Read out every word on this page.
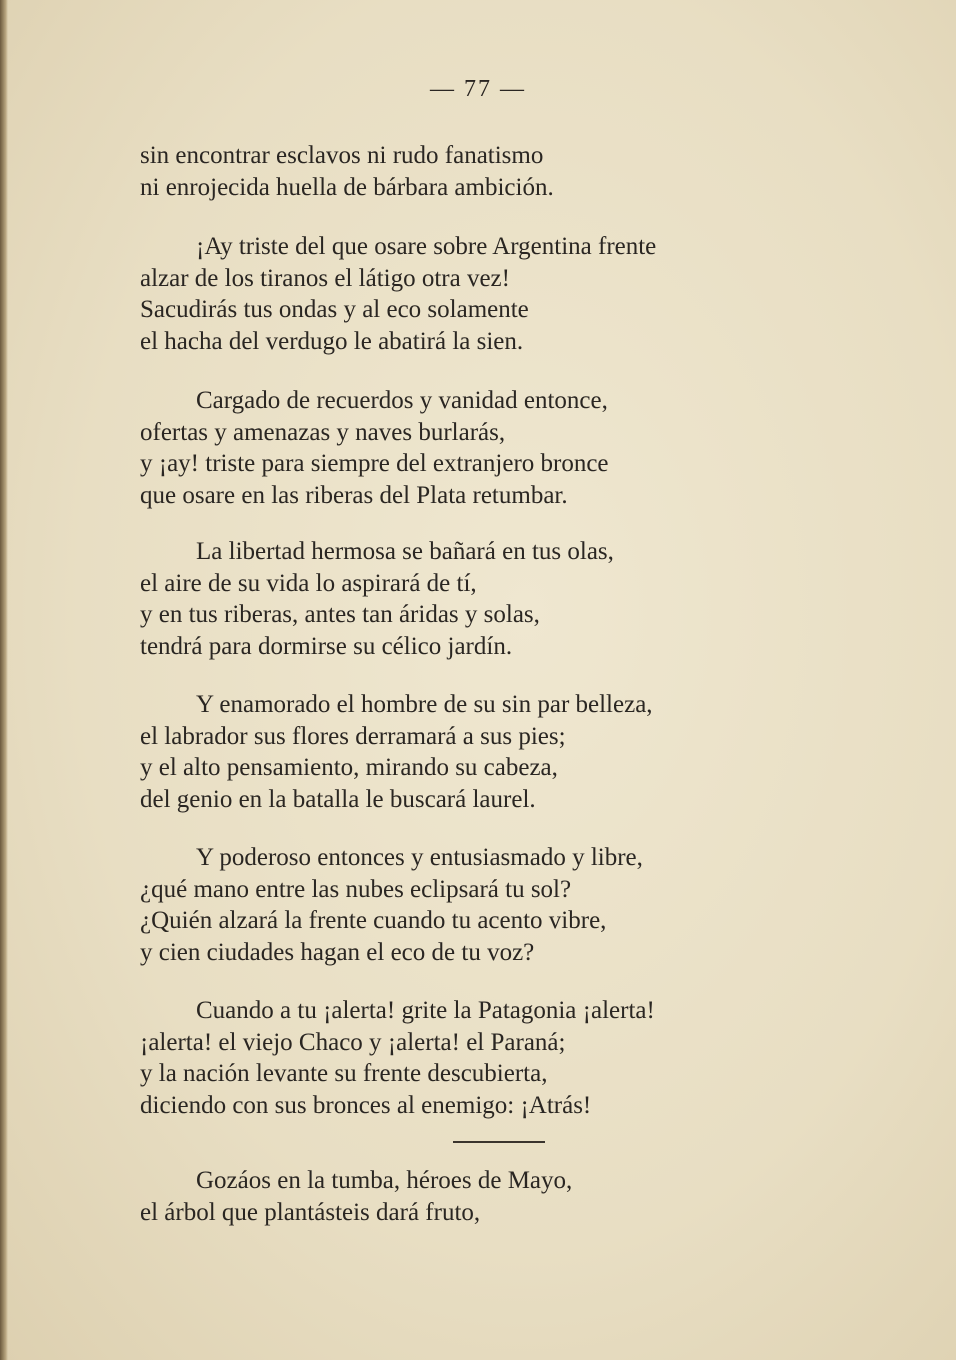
— 77 —

sin encontrar esclavos ni rudo fanatismo
ni enrojecida huella de bárbara ambición.

¡Ay triste del que osare sobre Argentina frente
alzar de los tiranos el látigo otra vez!
Sacudirás tus ondas y al eco solamente
el hacha del verdugo le abatirá la sien.

Cargado de recuerdos y vanidad entonce,
ofertas y amenazas y naves burlarás,
y ¡ay! triste para siempre del extranjero bronce
que osare en las riberas del Plata retumbar.

La libertad hermosa se bañará en tus olas,
el aire de su vida lo aspirará de tí,
y en tus riberas, antes tan áridas y solas,
tendrá para dormirse su célico jardín.

Y enamorado el hombre de su sin par belleza,
el labrador sus flores derramará a sus pies;
y el alto pensamiento, mirando su cabeza,
del genio en la batalla le buscará laurel.

Y poderoso entonces y entusiasmado y libre,
¿qué mano entre las nubes eclipsará tu sol?
¿Quién alzará la frente cuando tu acento vibre,
y cien ciudades hagan el eco de tu voz?

Cuando a tu ¡alerta! grite la Patagonia ¡alerta!
¡alerta! el viejo Chaco y ¡alerta! el Paraná;
y la nación levante su frente descubierta,
diciendo con sus bronces al enemigo: ¡Atrás!

Gozáos en la tumba, héroes de Mayo,
el árbol que plantásteis dará fruto,
